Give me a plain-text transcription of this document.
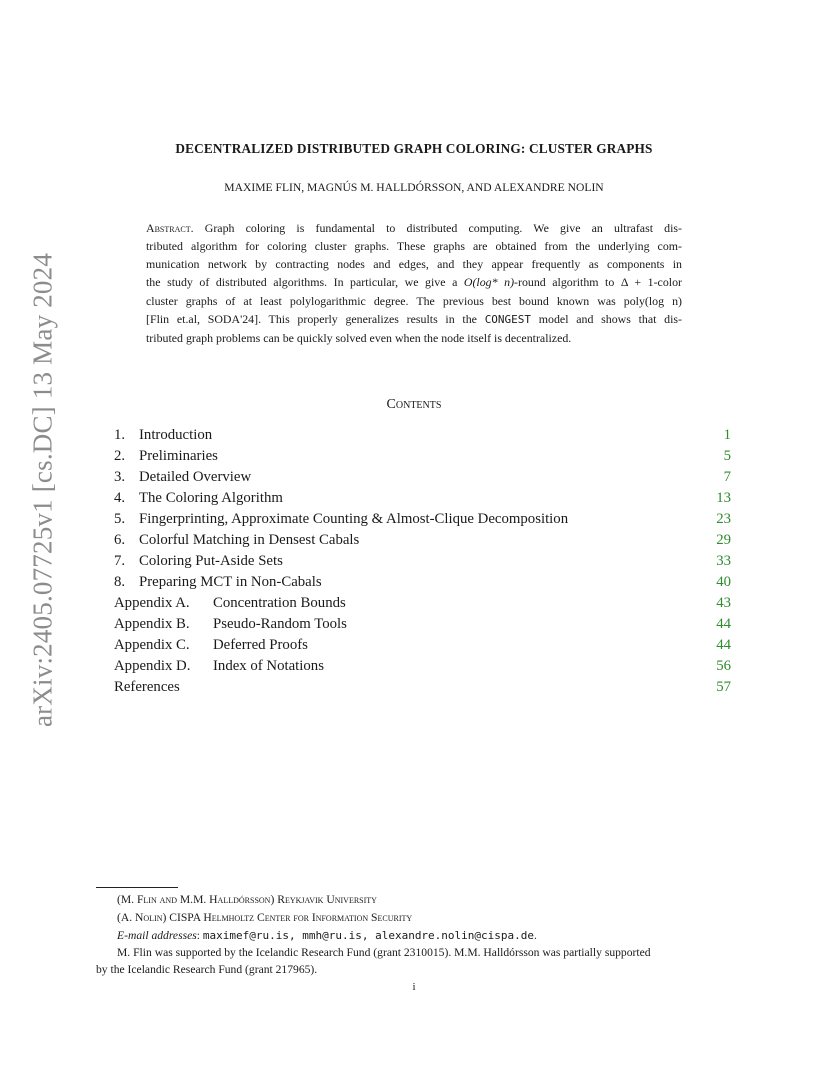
arXiv:2405.07725v1 [cs.DC] 13 May 2024
DECENTRALIZED DISTRIBUTED GRAPH COLORING: CLUSTER GRAPHS
MAXIME FLIN, MAGNÚS M. HALLDÓRSSON, AND ALEXANDRE NOLIN
Abstract. Graph coloring is fundamental to distributed computing. We give an ultrafast dis-
tributed algorithm for coloring cluster graphs. These graphs are obtained from the underlying com-
munication network by contracting nodes and edges, and they appear frequently as components in
the study of distributed algorithms. In particular, we give a O(log* n)-round algorithm to Δ + 1-color
cluster graphs of at least polylogarithmic degree. The previous best bound known was poly(log n)
[Flin et.al, SODA'24]. This properly generalizes results in the CONGEST model and shows that dis-
tributed graph problems can be quickly solved even when the node itself is decentralized.
Contents
1. Introduction	1
2. Preliminaries	5
3. Detailed Overview	7
4. The Coloring Algorithm	13
5. Fingerprinting, Approximate Counting & Almost-Clique Decomposition	23
6. Colorful Matching in Densest Cabals	29
7. Coloring Put-Aside Sets	33
8. Preparing MCT in Non-Cabals	40
Appendix A. Concentration Bounds	43
Appendix B. Pseudo-Random Tools	44
Appendix C. Deferred Proofs	44
Appendix D. Index of Notations	56
References	57
(M. Flin and M.M. Halldórsson) Reykjavik University
(A. Nolin) CISPA Helmholtz Center for Information Security
E-mail addresses: maximef@ru.is, mmh@ru.is, alexandre.nolin@cispa.de.
M. Flin was supported by the Icelandic Research Fund (grant 2310015). M.M. Halldórsson was partially supported
by the Icelandic Research Fund (grant 217965).
i
